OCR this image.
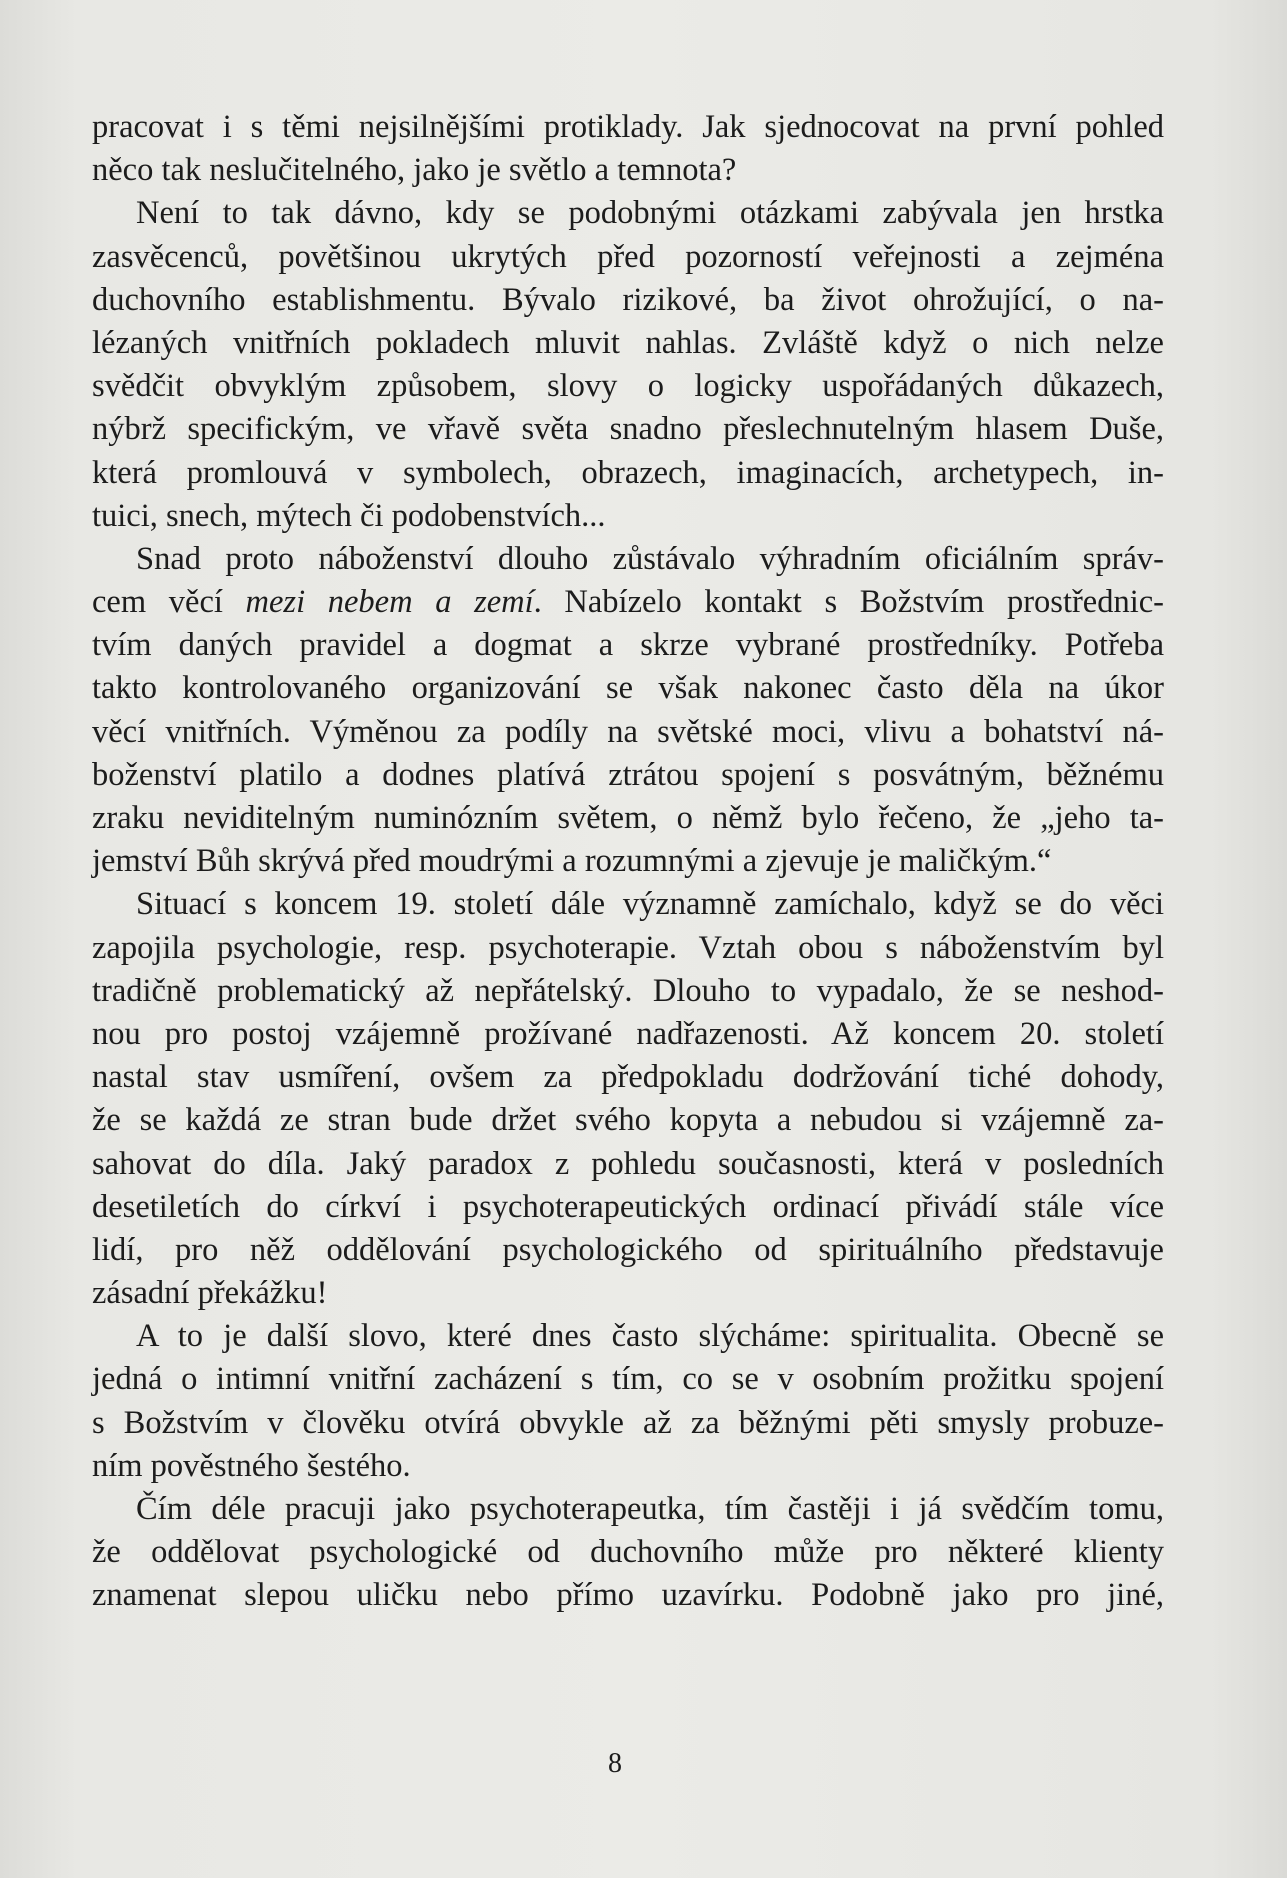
pracovat i s těmi nejsilnějšími protiklady. Jak sjednocovat na první pohled
něco tak neslučitelného, jako je světlo a temnota?
Není to tak dávno, kdy se podobnými otázkami zabývala jen hrstka
zasvěcenců, povětšinou ukrytých před pozorností veřejnosti a zejména
duchovního establishmentu. Bývalo rizikové, ba život ohrožující, o na-
lézaných vnitřních pokladech mluvit nahlas. Zvláště když o nich nelze
svědčit obvyklým způsobem, slovy o logicky uspořádaných důkazech,
nýbrž specifickým, ve vřavě světa snadno přeslechnutelným hlasem Duše,
která promlouvá v symbolech, obrazech, imaginacích, archetypech, in-
tuici, snech, mýtech či podobenstvích...
Snad proto náboženství dlouho zůstávalo výhradním oficiálním správ-
cem věcí mezi nebem a zemí. Nabízelo kontakt s Božstvím prostřednic-
tvím daných pravidel a dogmat a skrze vybrané prostředníky. Potřeba
takto kontrolovaného organizování se však nakonec často děla na úkor
věcí vnitřních. Výměnou za podíly na světské moci, vlivu a bohatství ná-
boženství platilo a dodnes platívá ztrátou spojení s posvátným, běžnému
zraku neviditelným numinózním světem, o němž bylo řečeno, že „jeho ta-
jemství Bůh skrývá před moudrými a rozumnými a zjevuje je maličkým.“
Situací s koncem 19. století dále významně zamíchalo, když se do věci
zapojila psychologie, resp. psychoterapie. Vztah obou s náboženstvím byl
tradičně problematický až nepřátelský. Dlouho to vypadalo, že se neshod-
nou pro postoj vzájemně prožívané nadřazenosti. Až koncem 20. století
nastal stav usmíření, ovšem za předpokladu dodržování tiché dohody,
že se každá ze stran bude držet svého kopyta a nebudou si vzájemně za-
sahovat do díla. Jaký paradox z pohledu současnosti, která v posledních
desetiletích do církví i psychoterapeutických ordinací přivádí stále více
lidí, pro něž oddělování psychologického od spirituálního představuje
zásadní překážku!
A to je další slovo, které dnes často slýcháme: spiritualita. Obecně se
jedná o intimní vnitřní zacházení s tím, co se v osobním prožitku spojení
s Božstvím v člověku otvírá obvykle až za běžnými pěti smysly probuze-
ním pověstného šestého.
Čím déle pracuji jako psychoterapeutka, tím častěji i já svědčím tomu,
že oddělovat psychologické od duchovního může pro některé klienty
znamenat slepou uličku nebo přímo uzavírku. Podobně jako pro jiné,
8
